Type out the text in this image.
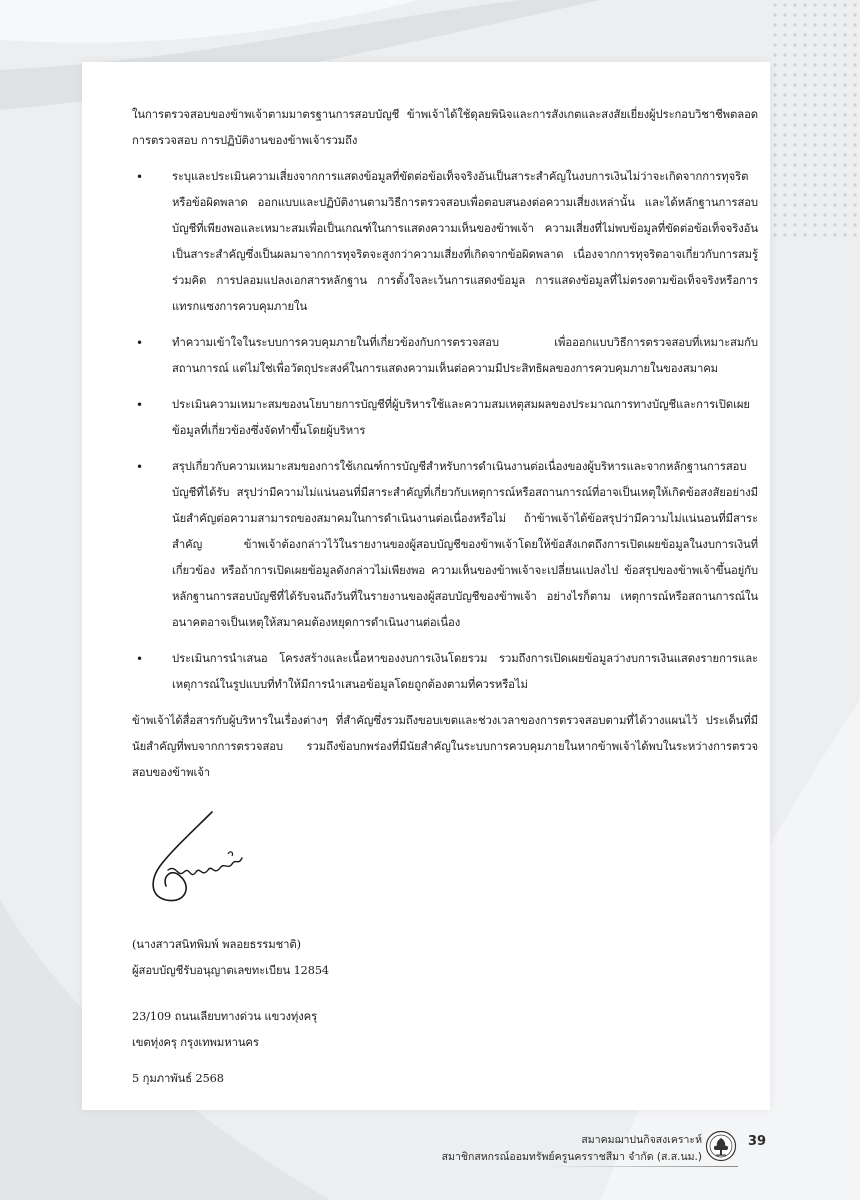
ในการตรวจสอบของข้าพเจ้าตามมาตรฐานการสอบบัญชี ข้าพเจ้าได้ใช้ดุลยพินิจและการสังเกตและสงสัยเยี่ยงผู้ประกอบวิชาชีพตลอดการตรวจสอบ การปฏิบัติงานของข้าพเจ้ารวมถึง

•	ระบุและประเมินความเสี่ยงจากการแสดงข้อมูลที่ขัดต่อข้อเท็จจริงอันเป็นสาระสำคัญในงบการเงินไม่ว่าจะเกิดจากการทุจริตหรือข้อผิดพลาด ออกแบบและปฏิบัติงานตามวิธีการตรวจสอบเพื่อตอบสนองต่อความเสี่ยงเหล่านั้น และได้หลักฐานการสอบบัญชีที่เพียงพอและเหมาะสมเพื่อเป็นเกณฑ์ในการแสดงความเห็นของข้าพเจ้า ความเสี่ยงที่ไม่พบข้อมูลที่ขัดต่อข้อเท็จจริงอันเป็นสาระสำคัญซึ่งเป็นผลมาจากการทุจริตจะสูงกว่าความเสี่ยงที่เกิดจากข้อผิดพลาด เนื่องจากการทุจริตอาจเกี่ยวกับการสมรู้ร่วมคิด การปลอมแปลงเอกสารหลักฐาน การตั้งใจละเว้นการแสดงข้อมูล การแสดงข้อมูลที่ไม่ตรงตามข้อเท็จจริงหรือการแทรกแซงการควบคุมภายใน
•	ทำความเข้าใจในระบบการควบคุมภายในที่เกี่ยวข้องกับการตรวจสอบ เพื่อออกแบบวิธีการตรวจสอบที่เหมาะสมกับสถานการณ์ แต่ไม่ใช่เพื่อวัตถุประสงค์ในการแสดงความเห็นต่อความมีประสิทธิผลของการควบคุมภายในของสมาคม
•	ประเมินความเหมาะสมของนโยบายการบัญชีที่ผู้บริหารใช้และความสมเหตุสมผลของประมาณการทางบัญชีและการเปิดเผยข้อมูลที่เกี่ยวข้องซึ่งจัดทำขึ้นโดยผู้บริหาร
•	สรุปเกี่ยวกับความเหมาะสมของการใช้เกณฑ์การบัญชีสำหรับการดำเนินงานต่อเนื่องของผู้บริหารและจากหลักฐานการสอบบัญชีที่ได้รับ สรุปว่ามีความไม่แน่นอนที่มีสาระสำคัญที่เกี่ยวกับเหตุการณ์หรือสถานการณ์ที่อาจเป็นเหตุให้เกิดข้อสงสัยอย่างมีนัยสำคัญต่อความสามารถของสมาคมในการดำเนินงานต่อเนื่องหรือไม่ ถ้าข้าพเจ้าได้ข้อสรุปว่ามีความไม่แน่นอนที่มีสาระสำคัญ ข้าพเจ้าต้องกล่าวไว้ในรายงานของผู้สอบบัญชีของข้าพเจ้าโดยให้ข้อสังเกตถึงการเปิดเผยข้อมูลในงบการเงินที่เกี่ยวข้อง หรือถ้าการเปิดเผยข้อมูลดังกล่าวไม่เพียงพอ ความเห็นของข้าพเจ้าจะเปลี่ยนแปลงไป ข้อสรุปของข้าพเจ้าขึ้นอยู่กับหลักฐานการสอบบัญชีที่ได้รับจนถึงวันที่ในรายงานของผู้สอบบัญชีของข้าพเจ้า อย่างไรก็ตาม เหตุการณ์หรือสถานการณ์ในอนาคตอาจเป็นเหตุให้สมาคมต้องหยุดการดำเนินงานต่อเนื่อง
•	ประเมินการนำเสนอ โครงสร้างและเนื้อหาของงบการเงินโดยรวม รวมถึงการเปิดเผยข้อมูลว่างบการเงินแสดงรายการและเหตุการณ์ในรูปแบบที่ทำให้มีการนำเสนอข้อมูลโดยถูกต้องตามที่ควรหรือไม่

ข้าพเจ้าได้สื่อสารกับผู้บริหารในเรื่องต่างๆ ที่สำคัญซึ่งรวมถึงขอบเขตและช่วงเวลาของการตรวจสอบตามที่ได้วางแผนไว้ ประเด็นที่มีนัยสำคัญที่พบจากการตรวจสอบ รวมถึงข้อบกพร่องที่มีนัยสำคัญในระบบการควบคุมภายในหากข้าพเจ้าได้พบในระหว่างการตรวจสอบของข้าพเจ้า

(นางสาวสนิทพิมพ์ พลอยธรรมชาติ)
ผู้สอบบัญชีรับอนุญาตเลขทะเบียน 12854
23/109 ถนนเลียบทางด่วน แขวงทุ่งครุ
เขตทุ่งครุ กรุงเทพมหานคร
5 กุมภาพันธ์ 2568
สมาคมฌาปนกิจสงเคราะห์
สมาชิกสหกรณ์ออมทรัพย์ครูนครราชสีมา จำกัด (ส.ส.นม.)
39
